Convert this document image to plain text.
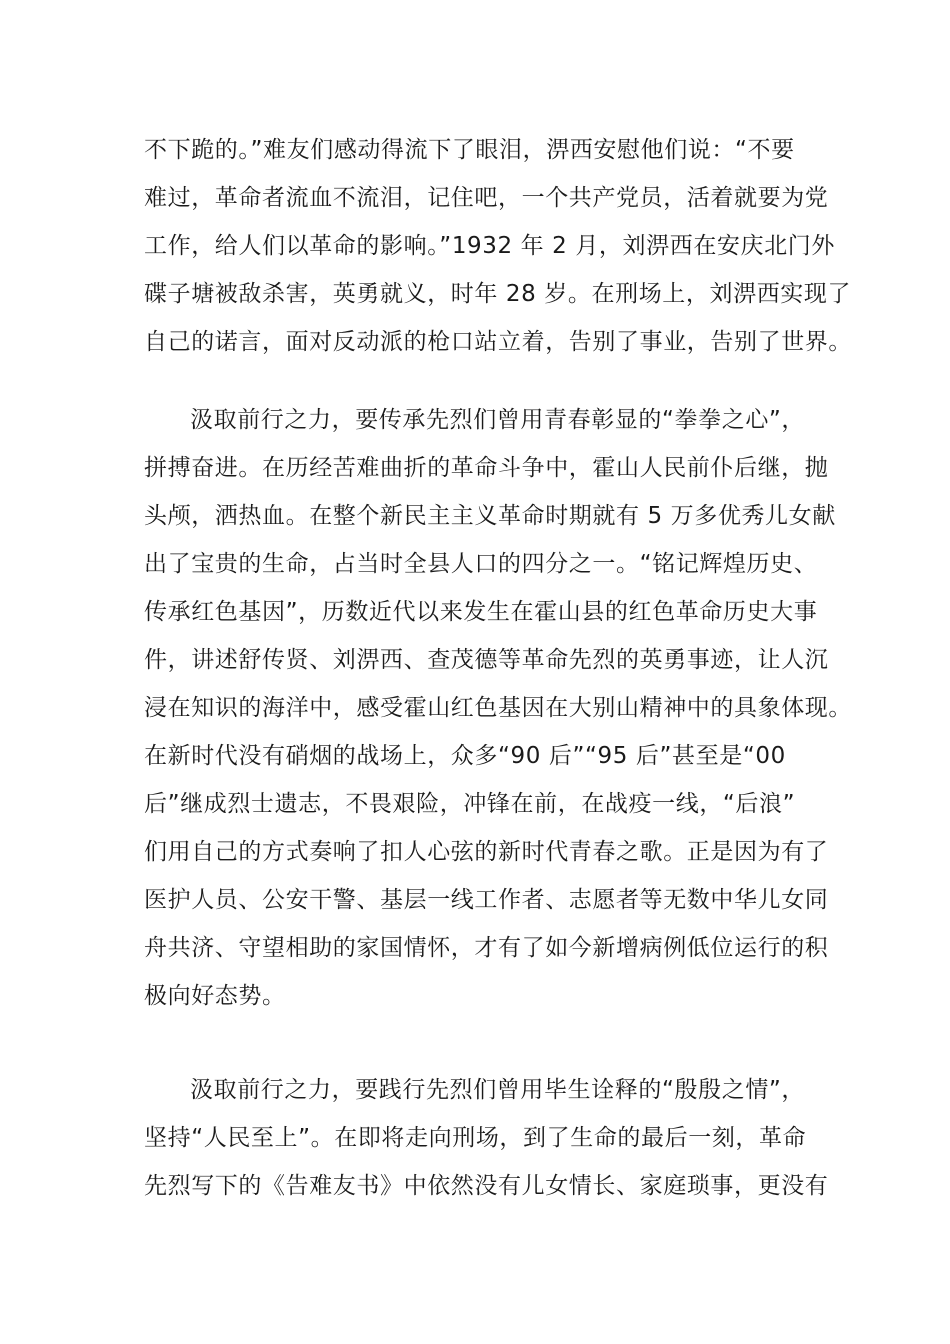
不下跪的。”难友们感动得流下了眼泪，淠西安慰他们说：“不要
难过，革命者流血不流泪，记住吧，一个共产党员，活着就要为党
工作，给人们以革命的影响。”1932 年 2 月，刘淠西在安庆北门外
碟子塘被敌杀害，英勇就义，时年 28 岁。在刑场上，刘淠西实现了
自己的诺言，面对反动派的枪口站立着，告别了事业，告别了世界。

汲取前行之力，要传承先烈们曾用青春彰显的“拳拳之心”，
拼搏奋进。在历经苦难曲折的革命斗争中，霍山人民前仆后继，抛
头颅，洒热血。在整个新民主主义革命时期就有 5 万多优秀儿女献
出了宝贵的生命，占当时全县人口的四分之一。“铭记辉煌历史、
传承红色基因”，历数近代以来发生在霍山县的红色革命历史大事
件，讲述舒传贤、刘淠西、查茂德等革命先烈的英勇事迹，让人沉
浸在知识的海洋中，感受霍山红色基因在大别山精神中的具象体现。
在新时代没有硝烟的战场上，众多“90 后”“95 后”甚至是“00
后”继成烈士遗志，不畏艰险，冲锋在前，在战疫一线，“后浪”
们用自己的方式奏响了扣人心弦的新时代青春之歌。正是因为有了
医护人员、公安干警、基层一线工作者、志愿者等无数中华儿女同
舟共济、守望相助的家国情怀，才有了如今新增病例低位运行的积
极向好态势。

汲取前行之力，要践行先烈们曾用毕生诠释的“殷殷之情”，
坚持“人民至上”。在即将走向刑场，到了生命的最后一刻，革命
先烈写下的《告难友书》中依然没有儿女情长、家庭琐事，更没有
